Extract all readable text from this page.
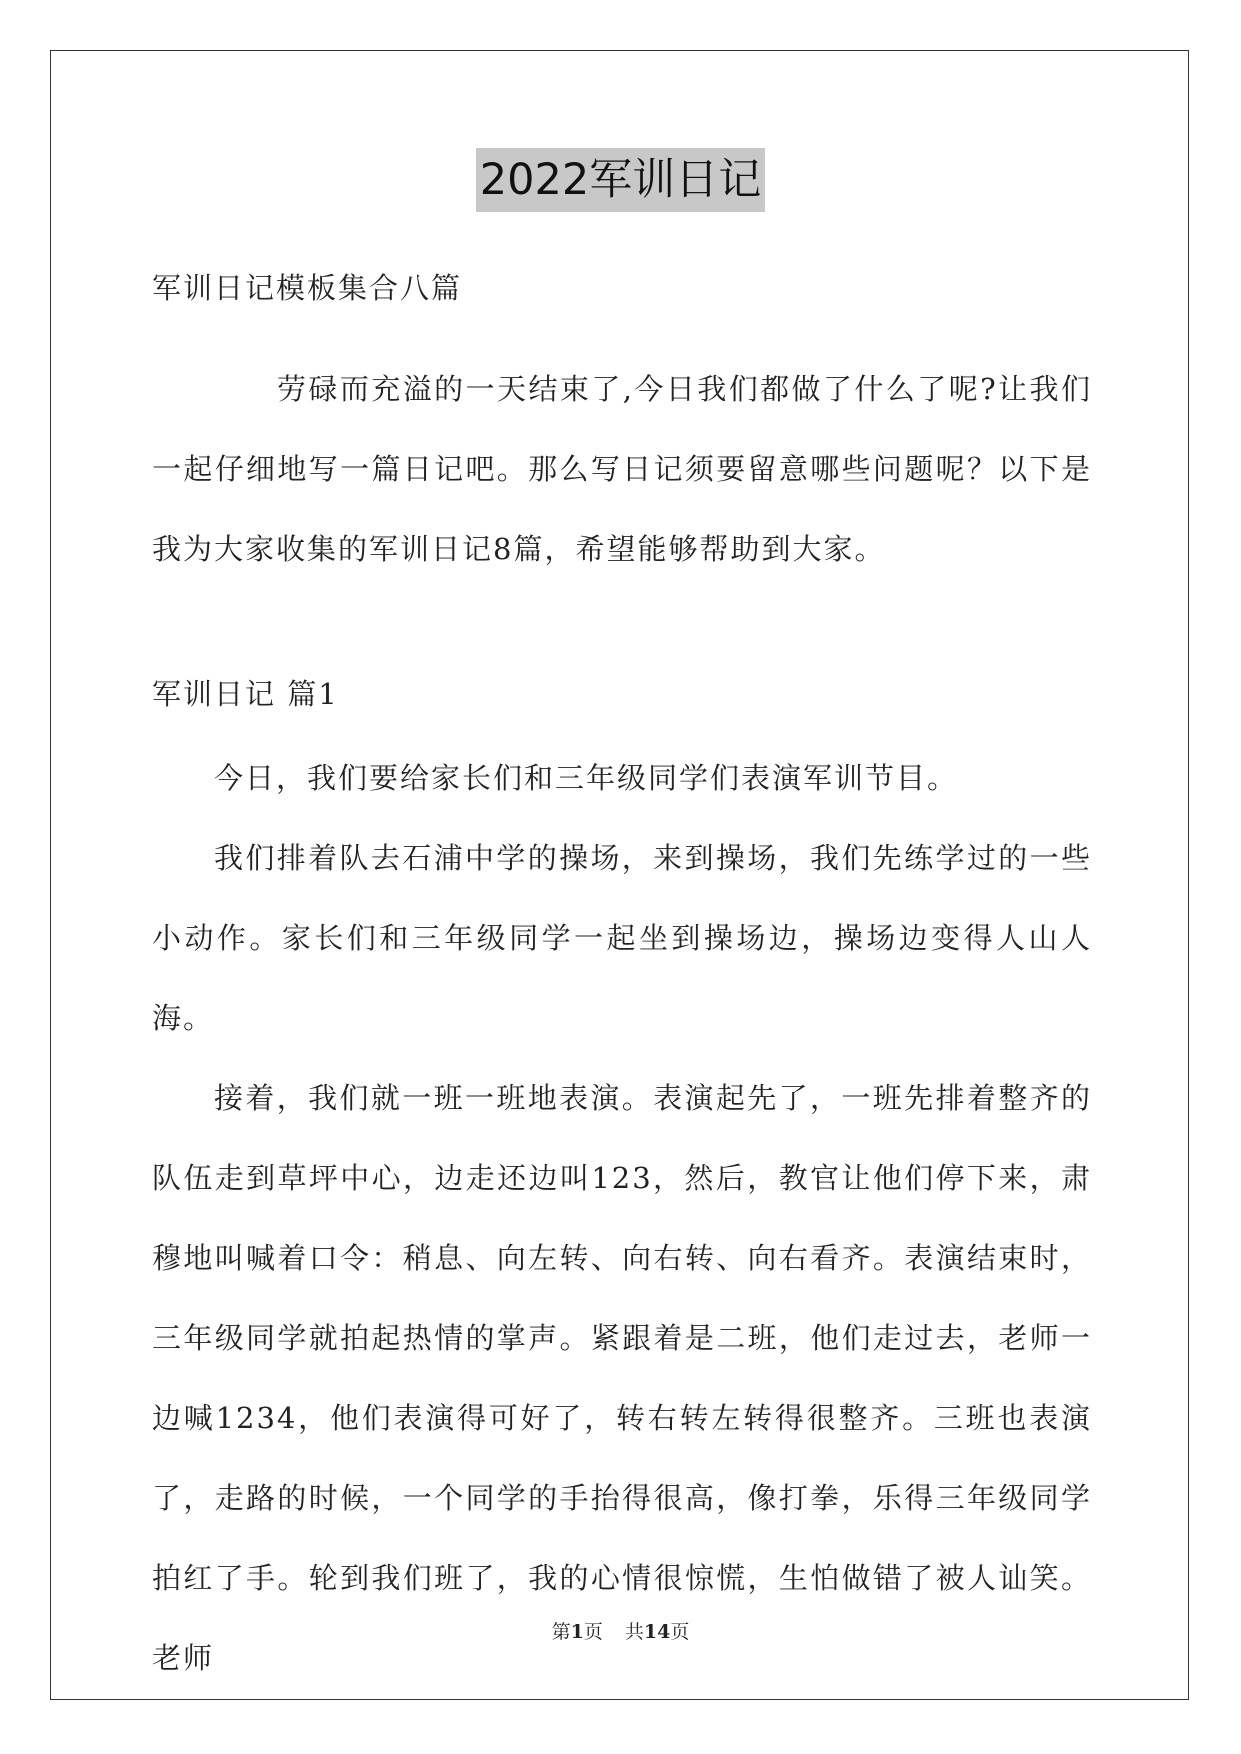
2022军训日记
军训日记模板集合八篇
劳碌而充溢的一天结束了,今日我们都做了什么了呢?让我们一起仔细地写一篇日记吧。那么写日记须要留意哪些问题呢？以下是我为大家收集的军训日记8篇，希望能够帮助到大家。
军训日记 篇1

今日，我们要给家长们和三年级同学们表演军训节目。

我们排着队去石浦中学的操场，来到操场，我们先练学过的一些小动作。家长们和三年级同学一起坐到操场边，操场边变得人山人海。

接着，我们就一班一班地表演。表演起先了，一班先排着整齐的队伍走到草坪中心，边走还边叫123，然后，教官让他们停下来，肃穆地叫喊着口令：稍息、向左转、向右转、向右看齐。表演结束时，三年级同学就拍起热情的掌声。紧跟着是二班，他们走过去，老师一边喊1234，他们表演得可好了，转右转左转得很整齐。三班也表演了，走路的时候，一个同学的手抬得很高，像打拳，乐得三年级同学拍红了手。轮到我们班了，我的心情很惊慌，生怕做错了被人讪笑。老师

第1页 共14页
